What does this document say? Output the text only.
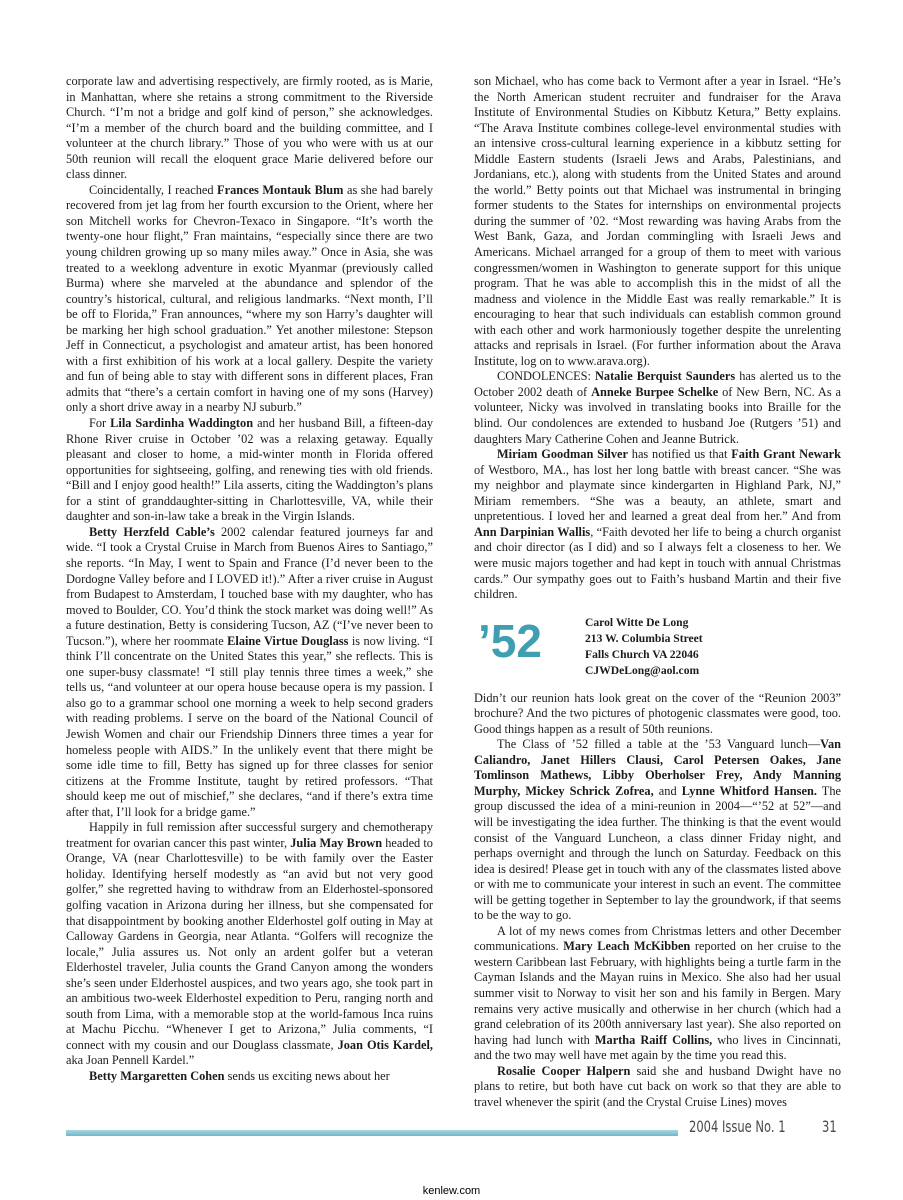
corporate law and advertising respectively, are firmly rooted, as is Marie, in Manhattan, where she retains a strong commitment to the Riverside Church. “I’m not a bridge and golf kind of person,” she acknowledges. “I’m a member of the church board and the building committee, and I volunteer at the church library.” Those of you who were with us at our 50th reunion will recall the eloquent grace Marie delivered before our class dinner.

Coincidentally, I reached Frances Montauk Blum as she had barely recovered from jet lag from her fourth excursion to the Orient, where her son Mitchell works for Chevron-Texaco in Singapore. “It’s worth the twenty-one hour flight,” Fran maintains, “especially since there are two young children growing up so many miles away.” Once in Asia, she was treated to a weeklong adventure in exotic Myanmar (previously called Burma) where she marveled at the abundance and splendor of the country’s historical, cultural, and religious landmarks. “Next month, I’ll be off to Florida,” Fran announces, “where my son Harry’s daughter will be marking her high school graduation.” Yet another milestone: Stepson Jeff in Connecticut, a psychologist and amateur artist, has been honored with a first exhibition of his work at a local gallery. Despite the variety and fun of being able to stay with different sons in different places, Fran admits that “there’s a certain comfort in having one of my sons (Harvey) only a short drive away in a nearby NJ suburb.”

For Lila Sardinha Waddington and her husband Bill, a fifteen-day Rhone River cruise in October ’02 was a relaxing getaway. Equally pleasant and closer to home, a mid-winter month in Florida offered opportunities for sightseeing, golfing, and renewing ties with old friends. “Bill and I enjoy good health!” Lila asserts, citing the Waddington’s plans for a stint of granddaughter-sitting in Charlottesville, VA, while their daughter and son-in-law take a break in the Virgin Islands.

Betty Herzfeld Cable’s 2002 calendar featured journeys far and wide. “I took a Crystal Cruise in March from Buenos Aires to Santiago,” she reports. “In May, I went to Spain and France (I’d never been to the Dordogne Valley before and I LOVED it!).” After a river cruise in August from Budapest to Amsterdam, I touched base with my daughter, who has moved to Boulder, CO. You’d think the stock market was doing well!” As a future destination, Betty is considering Tucson, AZ (“I’ve never been to Tucson.”), where her roommate Elaine Virtue Douglass is now living. “I think I’ll concentrate on the United States this year,” she reflects. This is one super-busy classmate! “I still play tennis three times a week,” she tells us, “and volunteer at our opera house because opera is my passion. I also go to a grammar school one morning a week to help second graders with reading problems. I serve on the board of the National Council of Jewish Women and chair our Friendship Dinners three times a year for homeless people with AIDS.” In the unlikely event that there might be some idle time to fill, Betty has signed up for three classes for senior citizens at the Fromme Institute, taught by retired professors. “That should keep me out of mischief,” she declares, “and if there’s extra time after that, I’ll look for a bridge game.”

Happily in full remission after successful surgery and chemotherapy treatment for ovarian cancer this past winter, Julia May Brown headed to Orange, VA (near Charlottesville) to be with family over the Easter holiday. Identifying herself modestly as “an avid but not very good golfer,” she regretted having to withdraw from an Elderhostel-sponsored golfing vacation in Arizona during her illness, but she compensated for that disappointment by booking another Elderhostel golf outing in May at Calloway Gardens in Georgia, near Atlanta. “Golfers will recognize the locale,” Julia assures us. Not only an ardent golfer but a veteran Elderhostel traveler, Julia counts the Grand Canyon among the wonders she’s seen under Elderhostel auspices, and two years ago, she took part in an ambitious two-week Elderhostel expedition to Peru, ranging north and south from Lima, with a memorable stop at the world-famous Inca ruins at Machu Picchu. “Whenever I get to Arizona,” Julia comments, “I connect with my cousin and our Douglass classmate, Joan Otis Kardel, aka Joan Pennell Kardel.”

Betty Margaretten Cohen sends us exciting news about her

son Michael, who has come back to Vermont after a year in Israel. “He’s the North American student recruiter and fundraiser for the Arava Institute of Environmental Studies on Kibbutz Ketura,” Betty explains. “The Arava Institute combines college-level environmental studies with an intensive cross-cultural learning experience in a kibbutz setting for Middle Eastern students (Israeli Jews and Arabs, Palestinians, and Jordanians, etc.), along with students from the United States and around the world.” Betty points out that Michael was instrumental in bringing former students to the States for internships on environmental projects during the summer of ’02. “Most rewarding was having Arabs from the West Bank, Gaza, and Jordan commingling with Israeli Jews and Americans. Michael arranged for a group of them to meet with various congressmen/women in Washington to generate support for this unique program. That he was able to accomplish this in the midst of all the madness and violence in the Middle East was really remarkable.” It is encouraging to hear that such individuals can establish common ground with each other and work harmoniously together despite the unrelenting attacks and reprisals in Israel. (For further information about the Arava Institute, log on to www.arava.org).

CONDOLENCES: Natalie Berquist Saunders has alerted us to the October 2002 death of Anneke Burpee Schelke of New Bern, NC. As a volunteer, Nicky was involved in translating books into Braille for the blind. Our condolences are extended to husband Joe (Rutgers ’51) and daughters Mary Catherine Cohen and Jeanne Butrick.

Miriam Goodman Silver has notified us that Faith Grant Newark of Westboro, MA., has lost her long battle with breast cancer. “She was my neighbor and playmate since kindergarten in Highland Park, NJ,” Miriam remembers. “She was a beauty, an athlete, smart and unpretentious. I loved her and learned a great deal from her.” And from Ann Darpinian Wallis, “Faith devoted her life to being a church organist and choir director (as I did) and so I always felt a closeness to her. We were music majors together and had kept in touch with annual Christmas cards.” Our sympathy goes out to Faith’s husband Martin and their five children.

’52	Carol Witte De Long
213 W. Columbia Street
Falls Church VA 22046
CJWDeLong@aol.com

Didn’t our reunion hats look great on the cover of the “Reunion 2003” brochure? And the two pictures of photogenic classmates were good, too. Good things happen as a result of 50th reunions.

The Class of ’52 filled a table at the ’53 Vanguard lunch—Van Caliandro, Janet Hillers Clausi, Carol Petersen Oakes, Jane Tomlinson Mathews, Libby Oberholser Frey, Andy Manning Murphy, Mickey Schrick Zofrea, and Lynne Whitford Hansen. The group discussed the idea of a mini-reunion in 2004—“’52 at 52”—and will be investigating the idea further. The thinking is that the event would consist of the Vanguard Luncheon, a class dinner Friday night, and perhaps overnight and through the lunch on Saturday. Feedback on this idea is desired! Please get in touch with any of the classmates listed above or with me to communicate your interest in such an event. The committee will be getting together in September to lay the groundwork, if that seems to be the way to go.

A lot of my news comes from Christmas letters and other December communications. Mary Leach McKibben reported on her cruise to the western Caribbean last February, with highlights being a turtle farm in the Cayman Islands and the Mayan ruins in Mexico. She also had her usual summer visit to Norway to visit her son and his family in Bergen. Mary remains very active musically and otherwise in her church (which had a grand celebration of its 200th anniversary last year). She also reported on having had lunch with Martha Raiff Collins, who lives in Cincinnati, and the two may well have met again by the time you read this.

Rosalie Cooper Halpern said she and husband Dwight have no plans to retire, but both have cut back on work so that they are able to travel whenever the spirit (and the Crystal Cruise Lines) moves

2004 Issue No. 1 31
kenlew.com
